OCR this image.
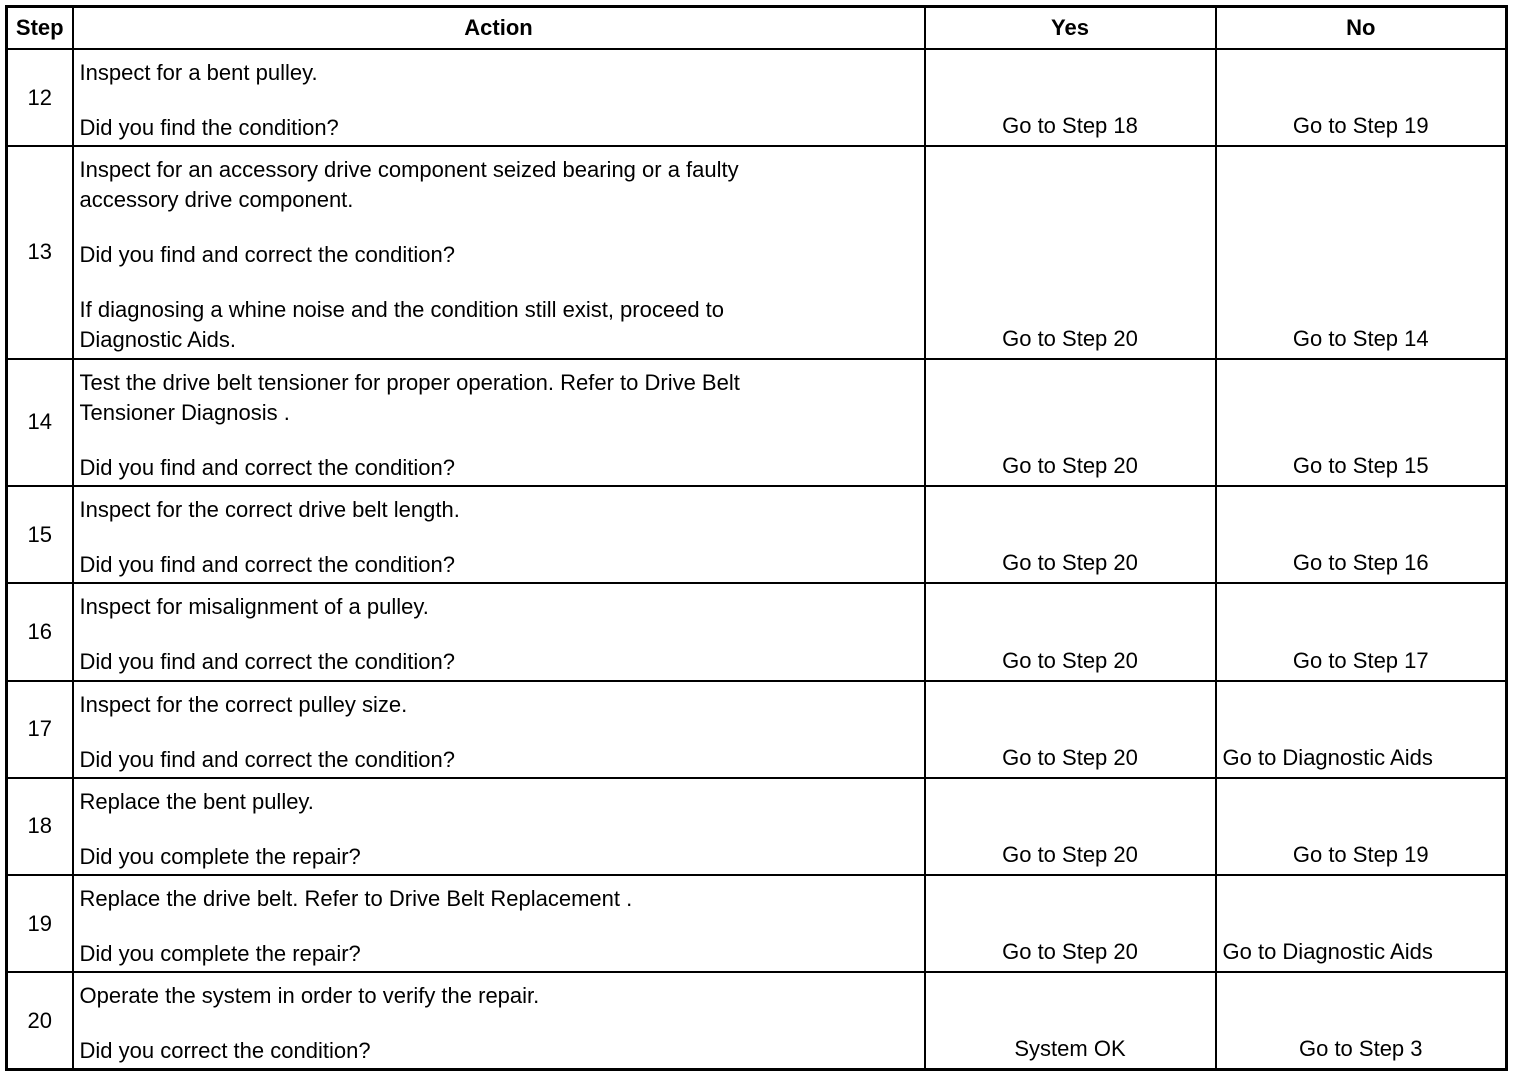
Step	Action	Yes	No
12	Inspect for a bent pulley.
Did you find the condition?	Go to Step 18	Go to Step 19
13	Inspect for an accessory drive component seized bearing or a faulty
accessory drive component.
Did you find and correct the condition?
If diagnosing a whine noise and the condition still exist, proceed to
Diagnostic Aids.	Go to Step 20	Go to Step 14
14	Test the drive belt tensioner for proper operation. Refer to Drive Belt
Tensioner Diagnosis .
Did you find and correct the condition?	Go to Step 20	Go to Step 15
15	Inspect for the correct drive belt length.
Did you find and correct the condition?	Go to Step 20	Go to Step 16
16	Inspect for misalignment of a pulley.
Did you find and correct the condition?	Go to Step 20	Go to Step 17
17	Inspect for the correct pulley size.
Did you find and correct the condition?	Go to Step 20	Go to Diagnostic Aids
18	Replace the bent pulley.
Did you complete the repair?	Go to Step 20	Go to Step 19
19	Replace the drive belt. Refer to Drive Belt Replacement .
Did you complete the repair?	Go to Step 20	Go to Diagnostic Aids
20	Operate the system in order to verify the repair.
Did you correct the condition?	System OK	Go to Step 3
